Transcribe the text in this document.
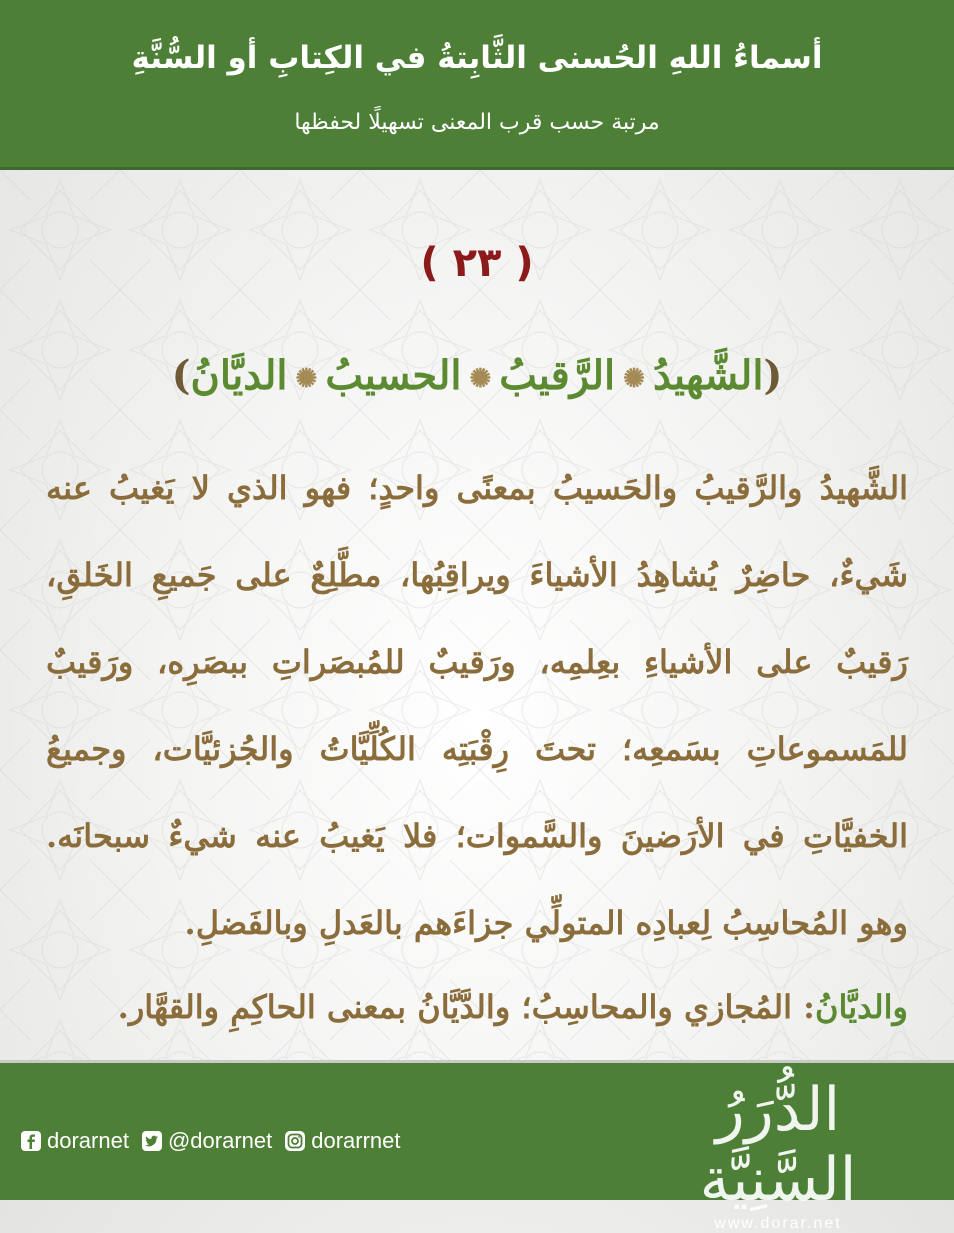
أسماءُ اللهِ الحُسنى الثَّابِتةُ في الكِتابِ أو السُّنَّةِ
مرتبة حسب قرب المعنى تسهيلًا لحفظها
( ٢٣ )
(الشَّهيدُ✺الرَّقيبُ✺الحسيبُ✺الديَّانُ)
الشَّهيدُ والرَّقيبُ والحَسيبُ بمعنًى واحدٍ؛ فهو الذي لا يَغيبُ عنه شَيءٌ، حاضِرٌ يُشاهِدُ الأشياءَ ويراقِبُها، مطَّلِعٌ على جَميعِ الخَلقِ، رَقيبٌ على الأشياءِ بعِلمِه، ورَقيبٌ للمُبصَراتِ ببصَرِه، ورَقيبٌ للمَسموعاتِ بسَمعِه؛ تحتَ رِقْبَتِه الكُلِّيَّاتُ والجُزئيَّات، وجميعُ الخفيَّاتِ في الأرَضينَ والسَّموات؛ فلا يَغيبُ عنه شيءٌ سبحانَه. وهو المُحاسِبُ لِعبادِه المتولِّي جزاءَهم بالعَدلِ وبالفَضلِ.
والديَّانُ: المُجازي والمحاسِبُ؛ والدَّيَّانُ بمعنى الحاكِمِ والقهَّار.
dorarnet @dorarnet dorarrnet	الدُّرَرُ السَّنِيَّة
www.dorar.net
